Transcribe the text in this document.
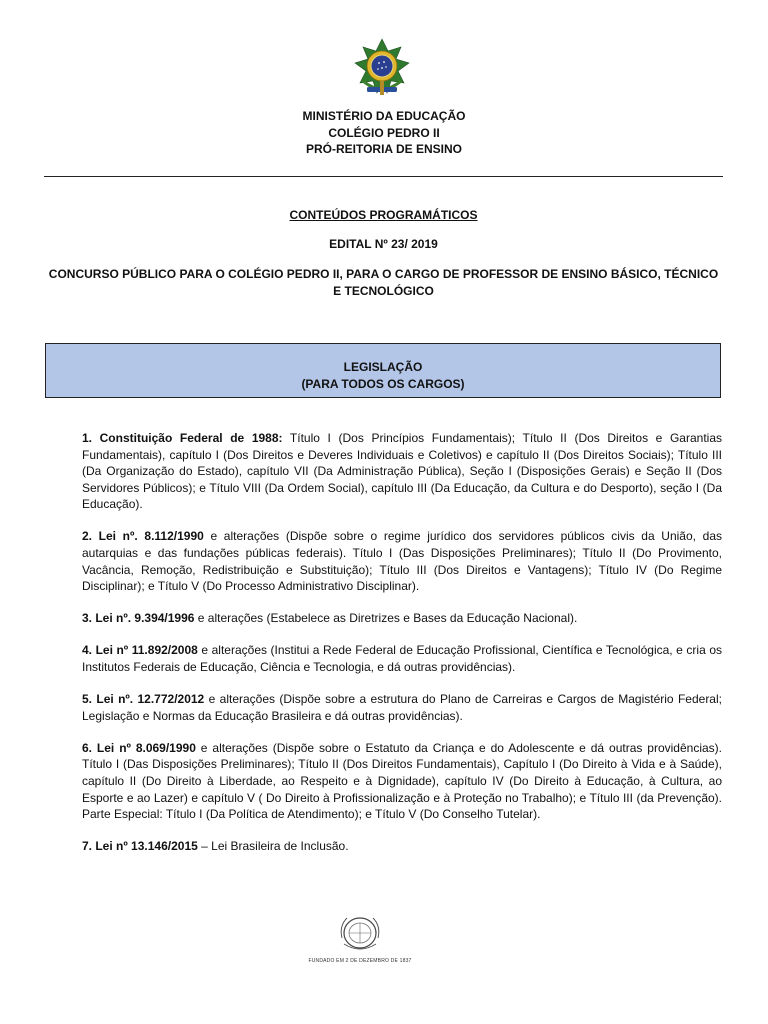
MINISTÉRIO DA EDUCAÇÃO
COLÉGIO PEDRO II
PRÓ-REITORIA DE ENSINO
CONTEÚDOS PROGRAMÁTICOS
EDITAL Nº 23/ 2019
CONCURSO PÚBLICO PARA O COLÉGIO PEDRO II, PARA O CARGO DE PROFESSOR DE ENSINO BÁSICO, TÉCNICO E TECNOLÓGICO
LEGISLAÇÃO
(PARA TODOS OS CARGOS)

1. Constituição Federal de 1988: Título I (Dos Princípios Fundamentais); Título II (Dos Direitos e Garantias Fundamentais), capítulo I (Dos Direitos e Deveres Individuais e Coletivos) e capítulo II (Dos Direitos Sociais); Título III (Da Organização do Estado), capítulo VII (Da Administração Pública), Seção I (Disposições Gerais) e Seção II (Dos Servidores Públicos); e Título VIII (Da Ordem Social), capítulo III (Da Educação, da Cultura e do Desporto), seção I (Da Educação).

2. Lei nº. 8.112/1990 e alterações (Dispõe sobre o regime jurídico dos servidores públicos civis da União, das autarquias e das fundações públicas federais). Título I (Das Disposições Preliminares); Título II (Do Provimento, Vacância, Remoção, Redistribuição e Substituição); Título III (Dos Direitos e Vantagens); Título IV (Do Regime Disciplinar); e Título V (Do Processo Administrativo Disciplinar).

3. Lei nº. 9.394/1996 e alterações (Estabelece as Diretrizes e Bases da Educação Nacional).

4. Lei nº 11.892/2008 e alterações (Institui a Rede Federal de Educação Profissional, Científica e Tecnológica, e cria os Institutos Federais de Educação, Ciência e Tecnologia, e dá outras providências).

5. Lei nº. 12.772/2012 e alterações (Dispõe sobre a estrutura do Plano de Carreiras e Cargos de Magistério Federal; Legislação e Normas da Educação Brasileira e dá outras providências).

6. Lei nº 8.069/1990 e alterações (Dispõe sobre o Estatuto da Criança e do Adolescente e dá outras providências). Título I (Das Disposições Preliminares); Título II (Dos Direitos Fundamentais), Capítulo I (Do Direito à Vida e à Saúde), capítulo II (Do Direito à Liberdade, ao Respeito e à Dignidade), capítulo IV (Do Direito à Educação, à Cultura, ao Esporte e ao Lazer) e capítulo V ( Do Direito à Profissionalização e à Proteção no Trabalho); e Título III (da Prevenção). Parte Especial: Título I (Da Política de Atendimento); e Título V (Do Conselho Tutelar).

7. Lei nº 13.146/2015 – Lei Brasileira de Inclusão.

FUNDADO EM 2 DE DEZEMBRO DE 1837
